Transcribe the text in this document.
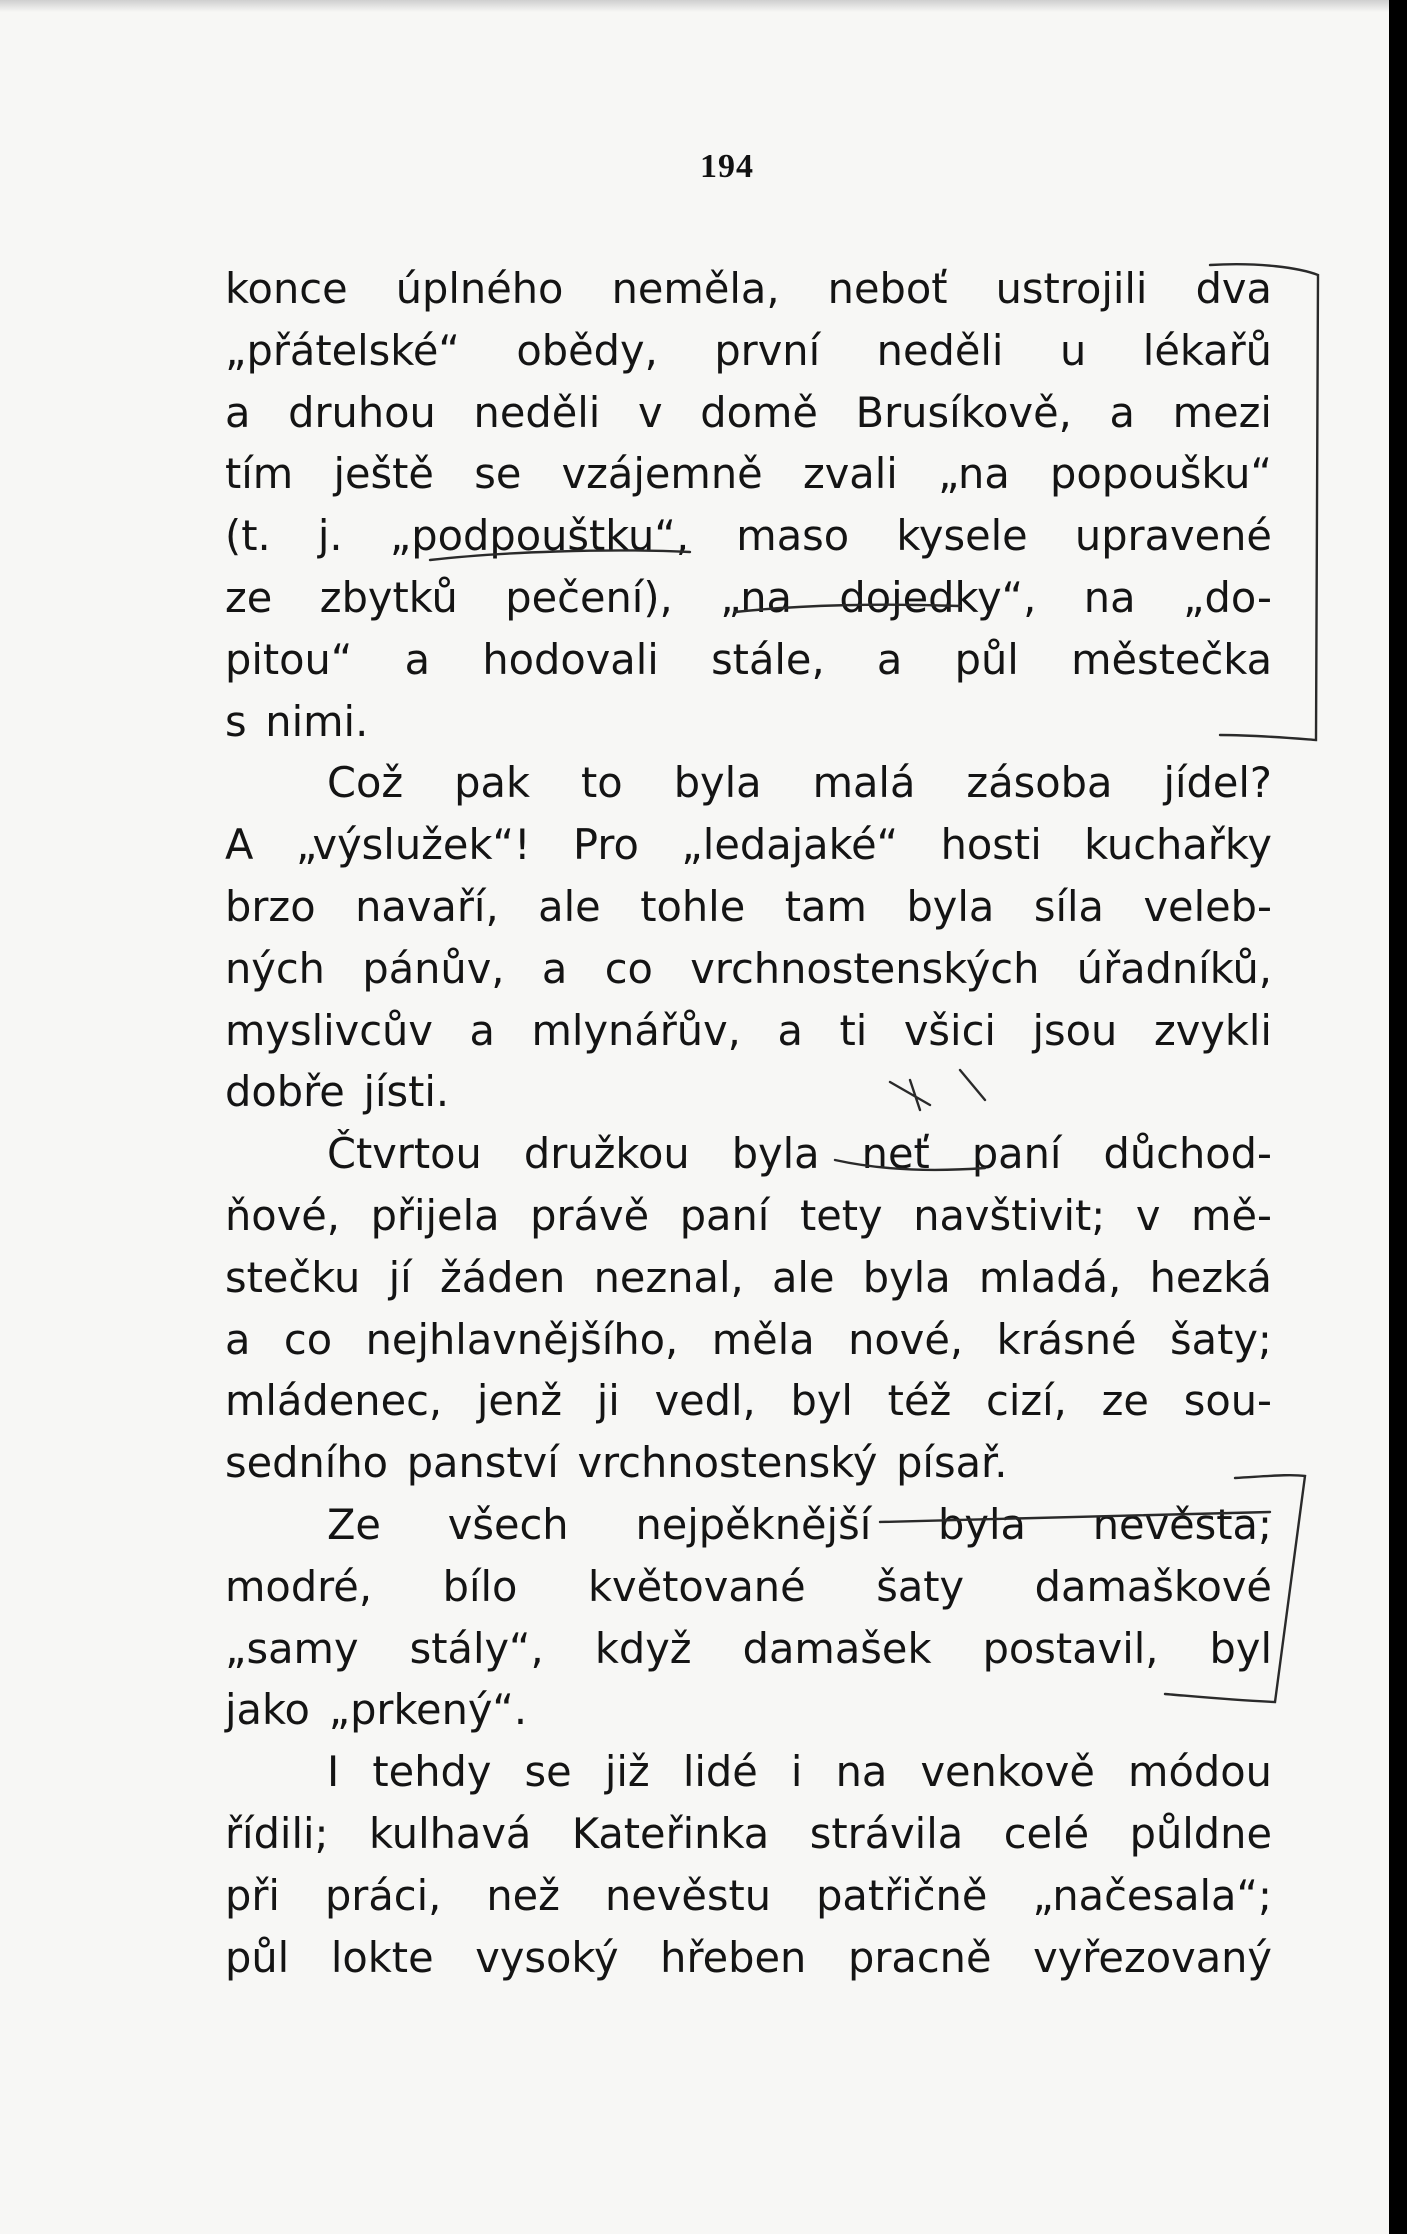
194
konce úplného neměla, neboť ustrojili dva
„přátelské“ obědy, první neděli u lékařů
a druhou neděli v domě Brusíkově, a mezi
tím ještě se vzájemně zvali „na popoušku“
(t. j. „podpouštku“, maso kysele upravené
ze zbytků pečení), „na dojedky“, na „do-
pitou“ a hodovali stále, a půl městečka
s nimi.
Což pak to byla malá zásoba jídel?
A „výslužek“! Pro „ledajaké“ hosti kuchařky
brzo navaří, ale tohle tam byla síla veleb-
ných pánův, a co vrchnostenských úřadníků,
myslivcův a mlynářův, a ti všici jsou zvykli
dobře jísti.
Čtvrtou družkou byla neť paní důchod-
ňové, přijela právě paní tety navštivit; v mě-
stečku jí žáden neznal, ale byla mladá, hezká
a co nejhlavnějšího, měla nové, krásné šaty;
mládenec, jenž ji vedl, byl též cizí, ze sou-
sedního panství vrchnostenský písař.
Ze všech nejpěknější byla nevěsta;
modré, bílo květované šaty damaškové
„samy stály“, když damašek postavil, byl
jako „prkený“.
I tehdy se již lidé i na venkově módou
řídili; kulhavá Kateřinka strávila celé půldne
při práci, než nevěstu patřičně „načesala“;
půl lokte vysoký hřeben pracně vyřezovaný
